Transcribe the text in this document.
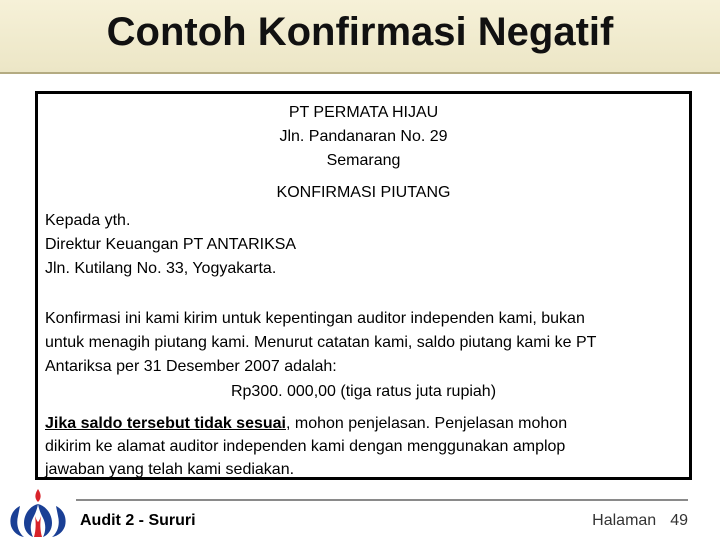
Contoh Konfirmasi Negatif
PT PERMATA HIJAU
Jln. Pandanaran No. 29
Semarang
KONFIRMASI PIUTANG
Kepada yth.
Direktur Keuangan PT ANTARIKSA
Jln. Kutilang No. 33, Yogyakarta.
Konfirmasi ini kami kirim untuk kepentingan auditor independen kami, bukan
untuk menagih piutang kami. Menurut catatan kami, saldo piutang kami ke PT
Antariksa per 31 Desember 2007 adalah:
Rp300. 000,00 (tiga ratus juta rupiah)
Jika saldo tersebut tidak sesuai, mohon penjelasan. Penjelasan mohon
dikirim ke alamat auditor independen kami dengan menggunakan amplop
jawaban yang telah kami sediakan.
Audit 2 - Sururi	Halaman 49
